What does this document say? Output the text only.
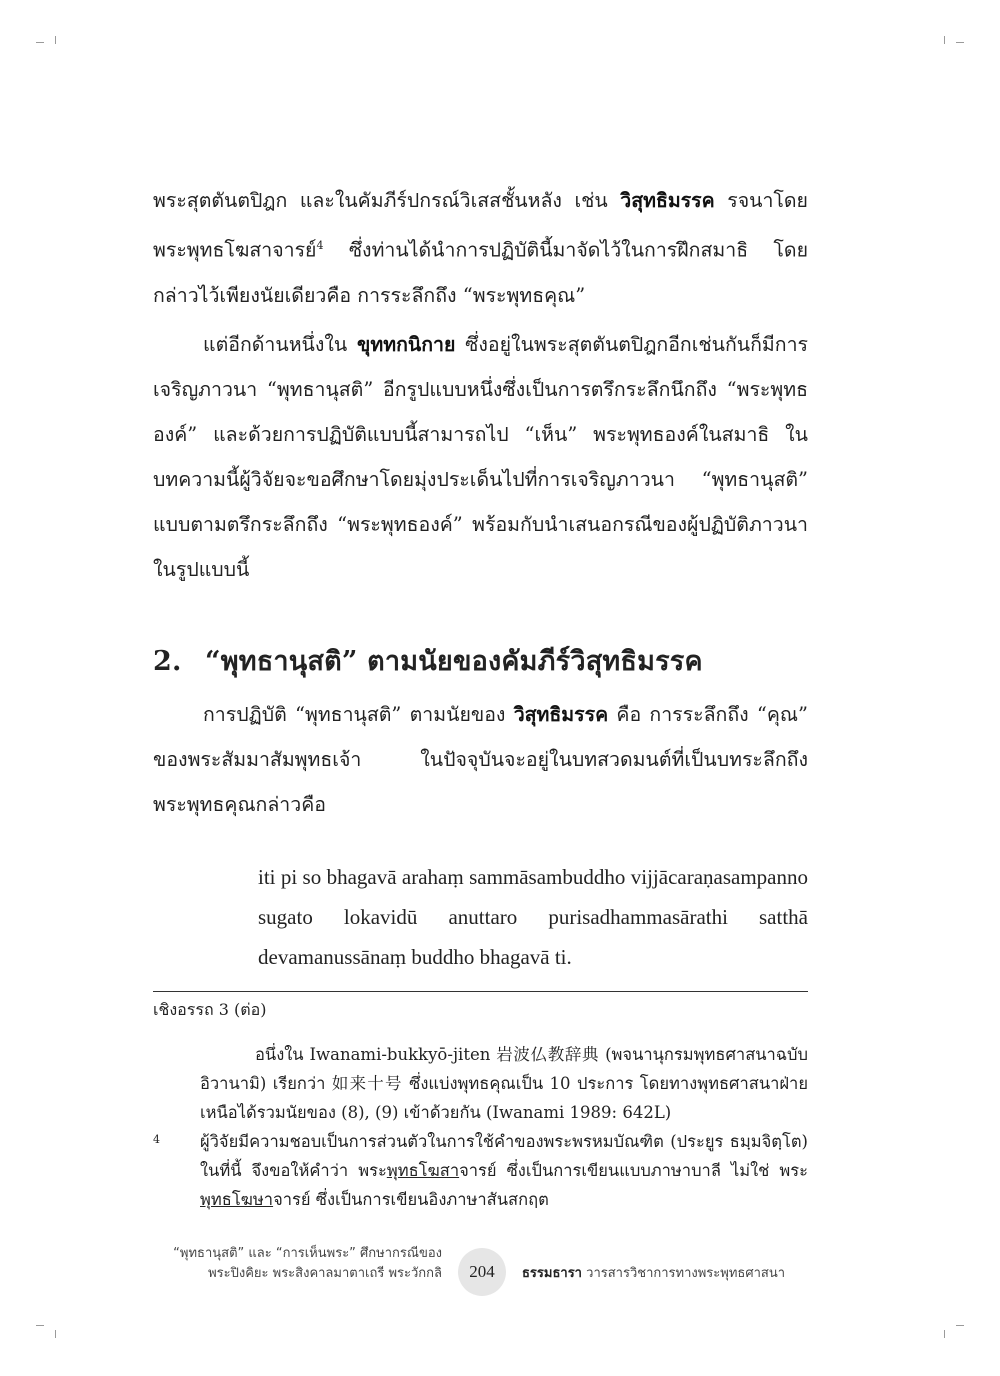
พระสุตตันตปิฎก และในคัมภีร์ปกรณ์วิเสสชั้นหลัง เช่น วิสุทธิมรรค รจนาโดยพระพุทธโฆสาจารย์$^4$ ซึ่งท่านได้นำการปฏิบัตินี้มาจัดไว้ในการฝึกสมาธิ โดยกล่าวไว้เพียงนัยเดียวคือ การระลึกถึง “พระพุทธคุณ”

แต่อีกด้านหนึ่งใน ขุททกนิกาย ซึ่งอยู่ในพระสุตตันตปิฎกอีกเช่นกันก็มีการเจริญภาวนา “พุทธานุสติ” อีกรูปแบบหนึ่งซึ่งเป็นการตรึกระลึกนึกถึง “พระพุทธองค์” และด้วยการปฏิบัติแบบนี้สามารถไป “เห็น” พระพุทธองค์ในสมาธิ ในบทความนี้ผู้วิจัยจะขอศึกษาโดยมุ่งประเด็นไปที่การเจริญภาวนา “พุทธานุสติ” แบบตามตรึกระลึกถึง “พระพุทธองค์” พร้อมกับนำเสนอกรณีของผู้ปฏิบัติภาวนาในรูปแบบนี้

2. “พุทธานุสติ” ตามนัยของคัมภีร์วิสุทธิมรรค

การปฏิบัติ “พุทธานุสติ” ตามนัยของ วิสุทธิมรรค คือ การระลึกถึง “คุณ” ของพระสัมมาสัมพุทธเจ้า ในปัจจุบันจะอยู่ในบทสวดมนต์ที่เป็นบทระลึกถึงพระพุทธคุณกล่าวคือ

iti pi so bhagavā arahaṃ sammāsambuddho vijjācaraṇasampanno sugato lokavidū anuttaro purisadhammasārathi satthā devamanussānaṃ buddho bhagavā ti.

เชิงอรรถ 3 (ต่อ)

อนึ่งใน Iwanami-bukkyō-jiten 岩波仏教辞典 (พจนานุกรมพุทธศาสนาฉบับอิวานามิ) เรียกว่า 如来十号 ซึ่งแบ่งพุทธคุณเป็น 10 ประการ โดยทางพุทธศาสนาฝ่ายเหนือได้รวมนัยของ (8), (9) เข้าด้วยกัน (Iwanami 1989: 642L)

ผู้วิจัยมีความชอบเป็นการส่วนตัวในการใช้คำของพระพรหมบัณฑิต (ประยูร ธมฺมจิตฺโต) ในที่นี้ จึงขอให้คำว่า พระพุทธโฆสาจารย์ ซึ่งเป็นการเขียนแบบภาษาบาลี ไม่ใช่ พระพุทธโฆษาจารย์ ซึ่งเป็นการเขียนอิงภาษาสันสกฤต

4
“พุทธานุสติ” และ “การเห็นพระ” ศึกษากรณีของ
พระปิงคิยะ พระสิงคาลมาตาเถรี พระวักกลิ	204	ธรรมธารา วารสารวิชาการทางพระพุทธศาสนา
